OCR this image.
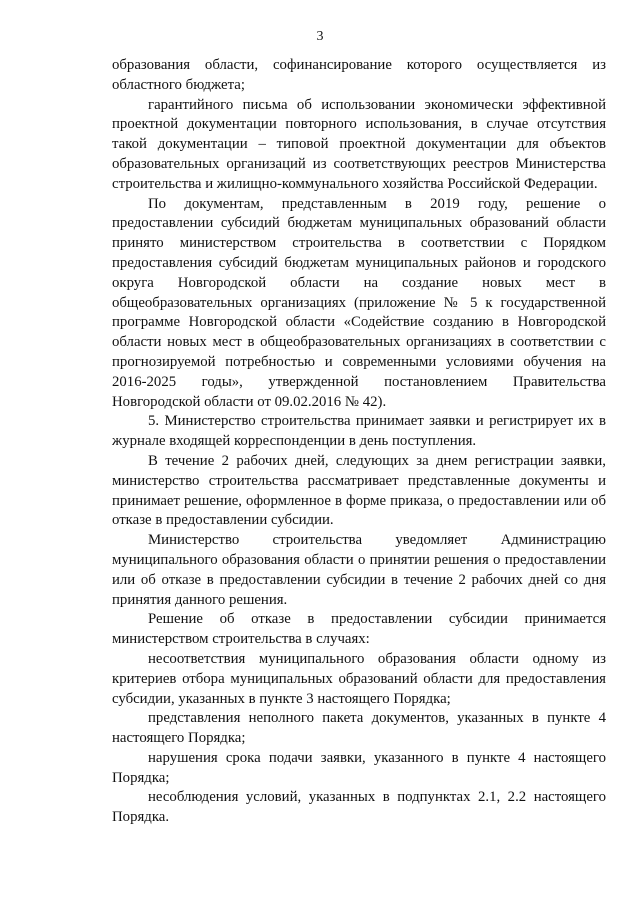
3

образования области, софинансирование которого осуществляется из областного бюджета;

гарантийного письма об использовании экономически эффективной проектной документации повторного использования, в случае отсутствия такой документации – типовой проектной документации для объектов образовательных организаций из соответствующих реестров Министерства строительства и жилищно-коммунального хозяйства Российской Федерации.

По документам, представленным в 2019 году, решение о предоставлении субсидий бюджетам муниципальных образований области принято министерством строительства в соответствии с Порядком предоставления субсидий бюджетам муниципальных районов и городского округа Новгородской области на создание новых мест в общеобразовательных организациях (приложение № 5 к государственной программе Новгородской области «Содействие созданию в Новгородской области новых мест в общеобразовательных организациях в соответствии с прогнозируемой потребностью и современными условиями обучения на 2016-2025 годы», утвержденной постановлением Правительства Новгородской области от 09.02.2016 № 42).

5. Министерство строительства принимает заявки и регистрирует их в журнале входящей корреспонденции в день поступления.

В течение 2 рабочих дней, следующих за днем регистрации заявки, министерство строительства рассматривает представленные документы и принимает решение, оформленное в форме приказа, о предоставлении или об отказе в предоставлении субсидии.

Министерство строительства уведомляет Администрацию муниципального образования области о принятии решения о предоставлении или об отказе в предоставлении субсидии в течение 2 рабочих дней со дня принятия данного решения.

Решение об отказе в предоставлении субсидии принимается министерством строительства в случаях:

несоответствия муниципального образования области одному из критериев отбора муниципальных образований области для предоставления субсидии, указанных в пункте 3 настоящего Порядка;

представления неполного пакета документов, указанных в пункте 4 настоящего Порядка;

нарушения срока подачи заявки, указанного в пункте 4 настоящего Порядка;

несоблюдения условий, указанных в подпунктах 2.1, 2.2 настоящего Порядка.
